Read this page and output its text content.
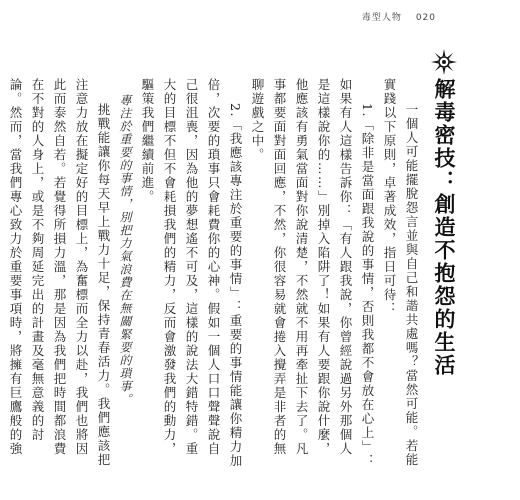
毒型人物 020
解毒密技：創造不抱怨的生活

一個人可能擺脫怨言並與自己和諧共處嗎？當然可能。若能實踐以下原則，卓著成效，指日可待：

1.「除非是當面跟我說的事情，否則我都不會放在心上」：如果有人這樣告訴你：「有人跟我說，你曾經說過另外那個人是這樣說你的……」別掉入陷阱了！如果有人要跟你說什麼，他應該有勇氣當面對你說清楚，不然就不用再牽扯下去了。凡事都要面對面回應，不然，你很容易就會捲入攪弄是非者的無聊遊戲之中。

2.「我應該專注於重要的事情」：重要的事情能讓你精力加倍，次要的瑣事只會耗費你的心神。假如一個人口口聲聲說自己很沮喪，因為他的夢想遙不可及，這樣的說法大錯特錯。重大的目標不但不會耗損我們的精力，反而會激發我們的動力，驅策我們繼續前進。

專注於重要的事情，別把力氣浪費在無關緊要的瑣事。

挑戰能讓你每天早上戰力十足，保持青春活力。我們應該把注意力放在擬定好的目標上，為奮標而全力以赴，我們也將因此而泰然自若。若覺得所損力溫，那是因為我們把時間都浪費在不對的人身上，或是不夠周延完出的計畫及毫無意義的討論。然而，當我們專心致力於重要事項時，將擁有巨鷹般的強
